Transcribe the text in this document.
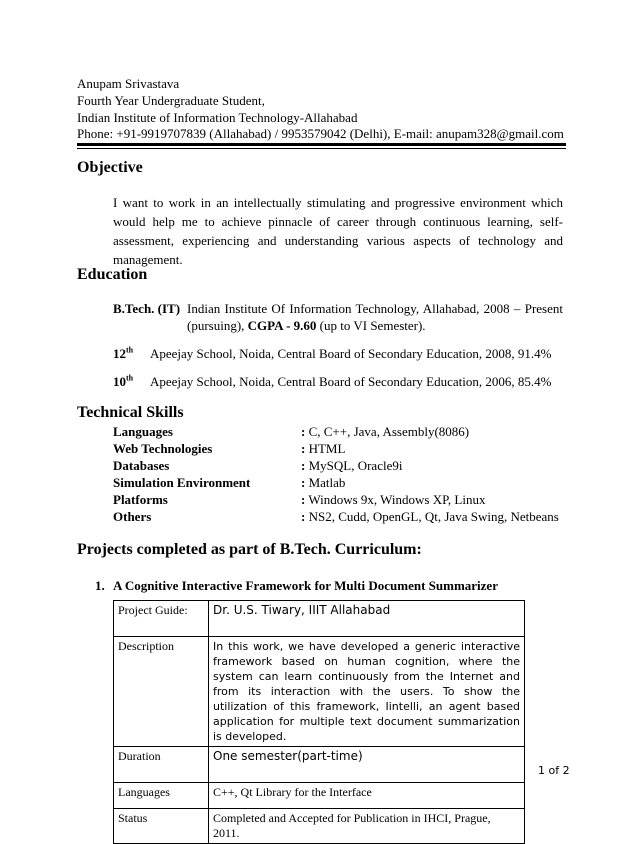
Anupam Srivastava
Fourth Year Undergraduate Student,
Indian Institute of Information Technology-Allahabad
Phone: +91-9919707839 (Allahabad) / 9953579042 (Delhi), E-mail: anupam328@gmail.com
Objective
I want to work in an intellectually stimulating and progressive environment which would help me to achieve pinnacle of career through continuous learning, self-assessment, experiencing and understanding various aspects of technology and management.
Education
B.Tech. (IT) Indian Institute Of Information Technology, Allahabad, 2008 – Present
(pursuing), CGPA - 9.60 (up to VI Semester).
12th Apeejay School, Noida, Central Board of Secondary Education, 2008, 91.4%
10th Apeejay School, Noida, Central Board of Secondary Education, 2006, 85.4%
Technical Skills
Languages	: C, C++, Java, Assembly(8086)
Web Technologies	: HTML
Databases	: MySQL, Oracle9i
Simulation Environment	: Matlab
Platforms	: Windows 9x, Windows XP, Linux
Others	: NS2, Cudd, OpenGL, Qt, Java Swing, Netbeans
Projects completed as part of B.Tech. Curriculum:
1. A Cognitive Interactive Framework for Multi Document Summarizer
Project Guide:	Dr. U.S. Tiwary, IIIT Allahabad
Description	In this work, we have developed a generic interactive framework based on human cognition, where the system can learn continuously from the Internet and from its interaction with the users. To show the utilization of this framework, Iintelli, an agent based application for multiple text document summarization is developed.
Duration	One semester(part-time)
Languages	C++, Qt Library for the Interface
Status	Completed and Accepted for Publication in IHCI, Prague, 2011.
1 of 2
